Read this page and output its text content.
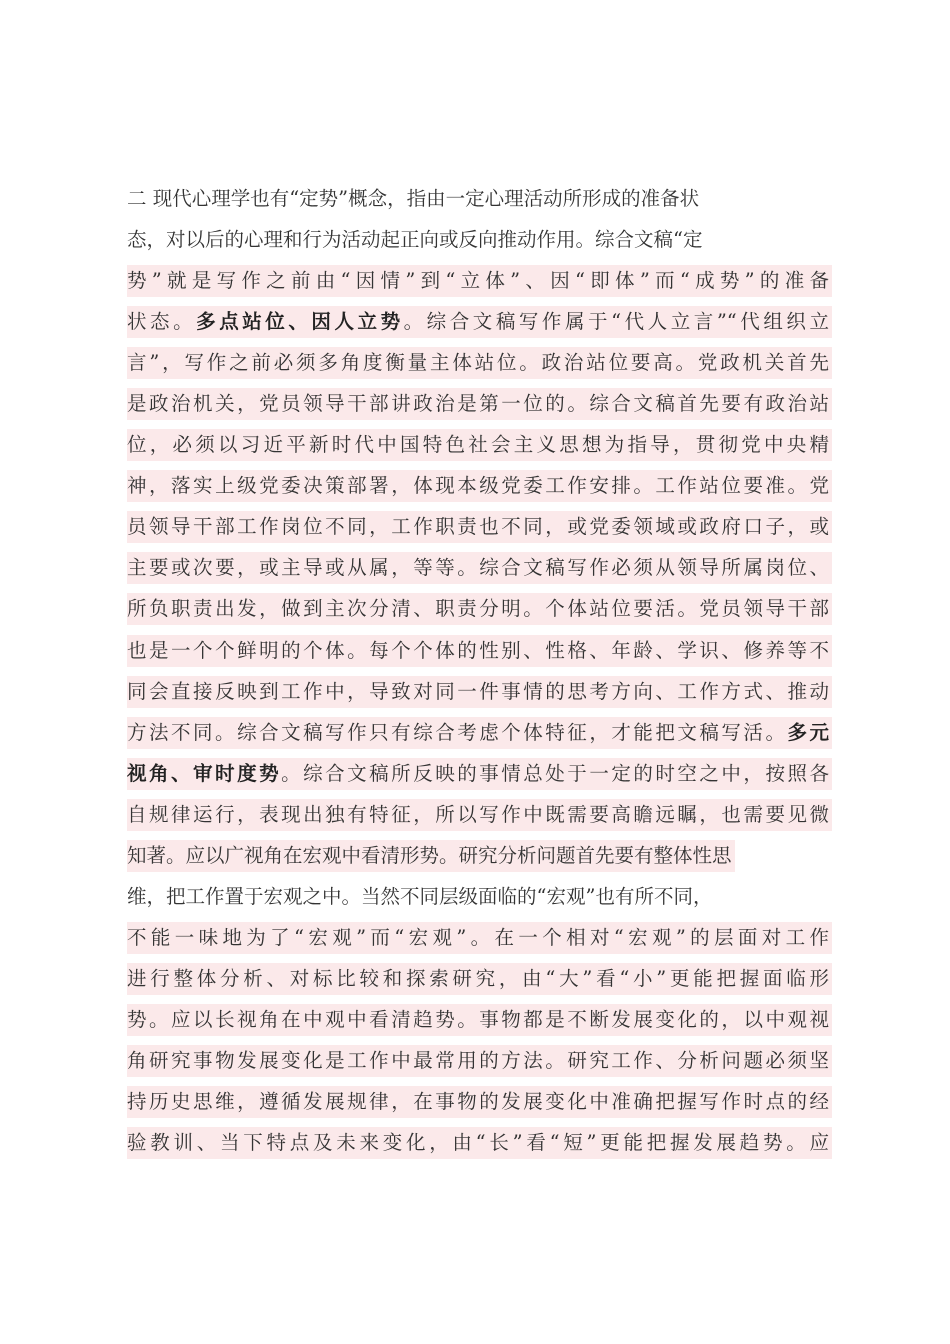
二 现代心理学也有“定势”概念，指由一定心理活动所形成的准备状
态，对以后的心理和行为活动起正向或反向推动作用。综合文稿“定
势”就是写作之前由“因情”到“立体”、因“即体”而“成势”的准备
状态。多点站位、因人立势。综合文稿写作属于“代人立言”“代组织立
言”，写作之前必须多角度衡量主体站位。政治站位要高。党政机关首先
是政治机关，党员领导干部讲政治是第一位的。综合文稿首先要有政治站
位，必须以习近平新时代中国特色社会主义思想为指导，贯彻党中央精
神，落实上级党委决策部署，体现本级党委工作安排。工作站位要准。党
员领导干部工作岗位不同，工作职责也不同，或党委领域或政府口子，或
主要或次要，或主导或从属，等等。综合文稿写作必须从领导所属岗位、
所负职责出发，做到主次分清、职责分明。个体站位要活。党员领导干部
也是一个个鲜明的个体。每个个体的性别、性格、年龄、学识、修养等不
同会直接反映到工作中，导致对同一件事情的思考方向、工作方式、推动
方法不同。综合文稿写作只有综合考虑个体特征，才能把文稿写活。多元
视角、审时度势。综合文稿所反映的事情总处于一定的时空之中，按照各
自规律运行，表现出独有特征，所以写作中既需要高瞻远瞩，也需要见微
知著。应以广视角在宏观中看清形势。研究分析问题首先要有整体性思
维，把工作置于宏观之中。当然不同层级面临的“宏观”也有所不同，
不能一味地为了“宏观”而“宏观”。在一个相对“宏观”的层面对工作
进行整体分析、对标比较和探索研究，由“大”看“小”更能把握面临形
势。应以长视角在中观中看清趋势。事物都是不断发展变化的，以中观视
角研究事物发展变化是工作中最常用的方法。研究工作、分析问题必须坚
持历史思维，遵循发展规律，在事物的发展变化中准确把握写作时点的经
验教训、当下特点及未来变化，由“长”看“短”更能把握发展趋势。应
